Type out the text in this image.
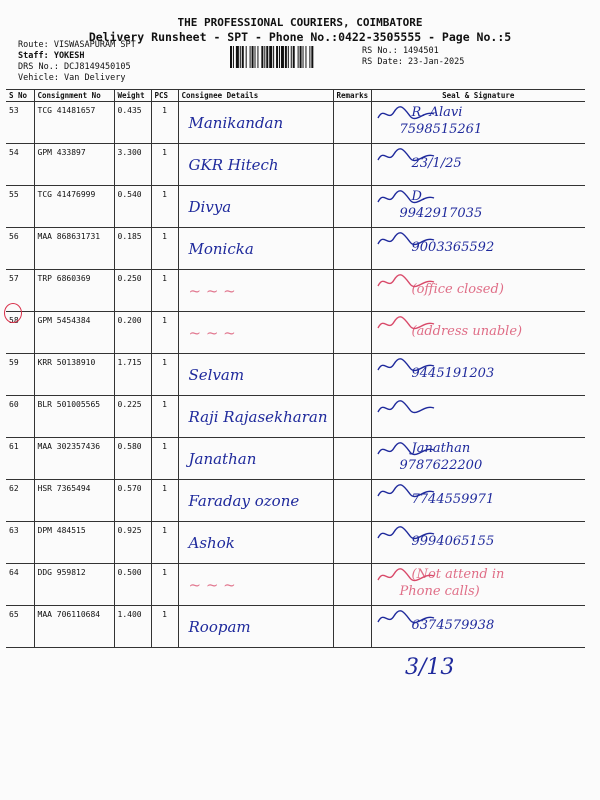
THE PROFESSIONAL COURIERS, COIMBATORE
Delivery Runsheet - SPT - Phone No.:0422-3505555 - Page No.:5
Route: VISWASAPURAM SPT
Staff: YOKESH
DRS No.: DCJ8149450105
Vehicle: Van Delivery
RS No.: 1494501
RS Date: 23-Jan-2025
S No	Consignment No	Weight	PCS	Consignee Details	Remarks	Seal & Signature
53	TCG 41481657	0.435	1	Manikandan		R. Alavi
7598515261

54	GPM 433897	3.300	1	GKR Hitech		23/1/25

55	TCG 41476999	0.540	1	Divya		D.
9942917035

56	MAA 868631731	0.185	1	Monicka		9003365592

57	TRP 6860369	0.250	1	~ ~ ~		(office closed)

58	GPM 5454384	0.200	1	~ ~ ~		(address unable)

59	KRR 50138910	1.715	1	Selvam		9445191203

60	BLR 501005565	0.225	1	Raji Rajasekharan

61	MAA 302357436	0.580	1	Janathan		Janathan
9787622200

62	HSR 7365494	0.570	1	Faraday ozone		7744559971

63	DPM 484515	0.925	1	Ashok		9994065155

64	DDG 959812	0.500	1	~ ~ ~		(Not attend in
Phone calls)

65	MAA 706110684	1.400	1	Roopam		6374579938
3/13
